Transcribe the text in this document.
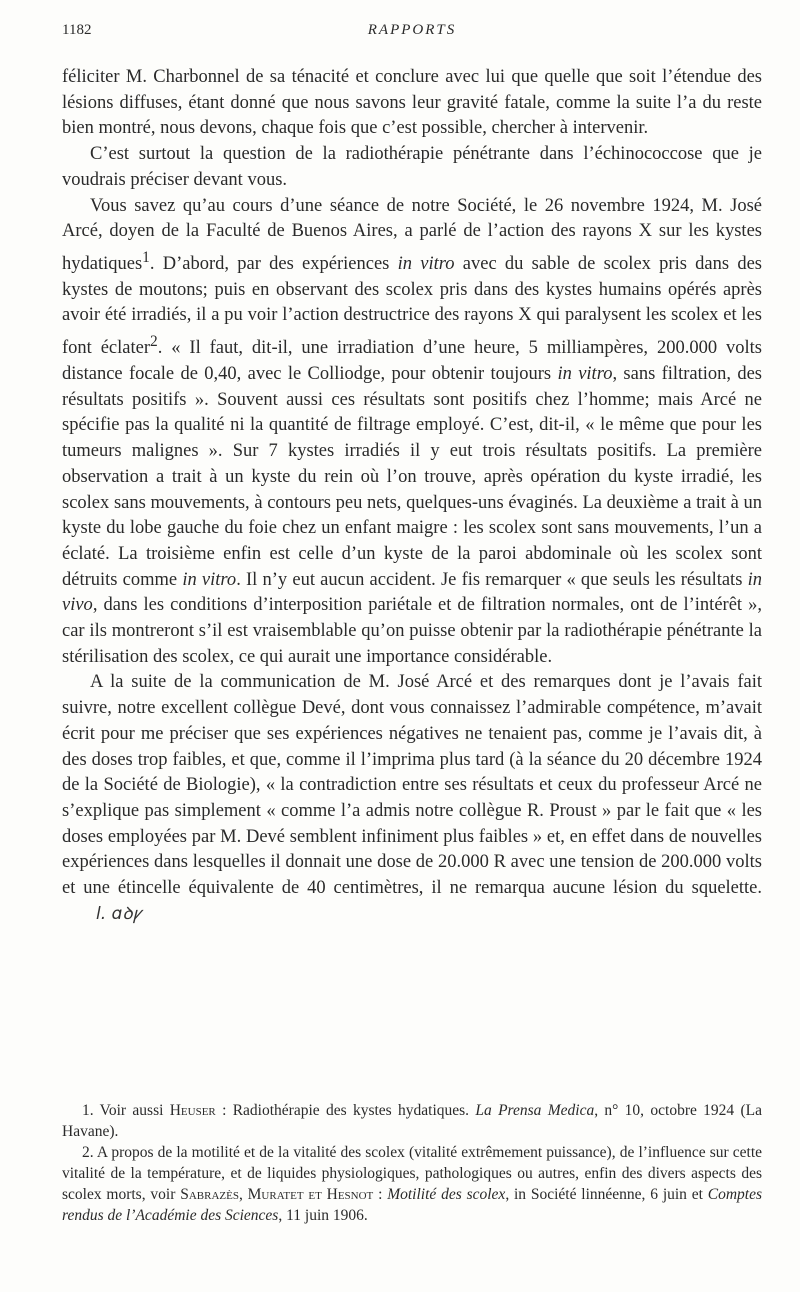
1182	RAPPORTS

féliciter M. Charbonnel de sa ténacité et conclure avec lui que quelle que soit l’étendue des lésions diffuses, étant donné que nous savons leur gravité fatale, comme la suite l’a du reste bien montré, nous devons, chaque fois que c’est possible, chercher à intervenir.

C’est surtout la question de la radiothérapie pénétrante dans l’échinococcose que je voudrais préciser devant vous.

Vous savez qu’au cours d’une séance de notre Société, le 26 novembre 1924, M. José Arcé, doyen de la Faculté de Buenos Aires, a parlé de l’action des rayons X sur les kystes hydatiques$^1$. D’abord, par des expériences in vitro avec du sable de scolex pris dans des kystes de moutons; puis en observant des scolex pris dans des kystes humains opérés après avoir été irradiés, il a pu voir l’action destructrice des rayons X qui paralysent les scolex et les font éclater$^2$. « Il faut, dit-il, une irradiation d’une heure, 5 milliampères, 200.000 volts distance focale de 0,40, avec le Colliodge, pour obtenir toujours in vitro, sans filtration, des résultats positifs ». Souvent aussi ces résultats sont positifs chez l’homme; mais Arcé ne spécifie pas la qualité ni la quantité de filtrage employé. C’est, dit-il, « le même que pour les tumeurs malignes ». Sur 7 kystes irradiés il y eut trois résultats positifs. La première observation a trait à un kyste du rein où l’on trouve, après opération du kyste irradié, les scolex sans mouvements, à contours peu nets, quelques-uns évaginés. La deuxième a trait à un kyste du lobe gauche du foie chez un enfant maigre : les scolex sont sans mouvements, l’un a éclaté. La troisième enfin est celle d’un kyste de la paroi abdominale où les scolex sont détruits comme in vitro. Il n’y eut aucun accident. Je fis remarquer « que seuls les résultats in vivo, dans les conditions d’interposition pariétale et de filtration normales, ont de l’intérêt », car ils montreront s’il est vraisemblable qu’on puisse obtenir par la radiothérapie pénétrante la stérilisation des scolex, ce qui aurait une importance considérable.

A la suite de la communication de M. José Arcé et des remarques dont je l’avais fait suivre, notre excellent collègue Devé, dont vous connaissez l’admirable compétence, m’avait écrit pour me préciser que ses expériences négatives ne tenaient pas, comme je l’avais dit, à des doses trop faibles, et que, comme il l’imprima plus tard (à la séance du 20 décembre 1924 de la Société de Biologie), « la contradiction entre ses résultats et ceux du professeur Arcé ne s’explique pas simplement « comme l’a admis notre collègue R. Proust » par le fait que « les doses employées par M. Devé semblent infiniment plus faibles » et, en effet dans de nouvelles expériences dans lesquelles il donnait une dose de 20.000 R avec une tension de 200.000 volts et une étincelle équivalente de 40 centimètres, il ne remarqua aucune lésion du squelette.l. ɑꝺꝩ

1. Voir aussi Heuser : Radiothérapie des kystes hydatiques. La Prensa Medica, n° 10, octobre 1924 (La Havane).

2. A propos de la motilité et de la vitalité des scolex (vitalité extrêmement puissance), de l’influence sur cette vitalité de la température, et de liquides physiologiques, pathologiques ou autres, enfin des divers aspects des scolex morts, voir Sabrazès, Muratet et Hesnot : Motilité des scolex, in Société linnéenne, 6 juin et Comptes rendus de l’Académie des Sciences, 11 juin 1906.
